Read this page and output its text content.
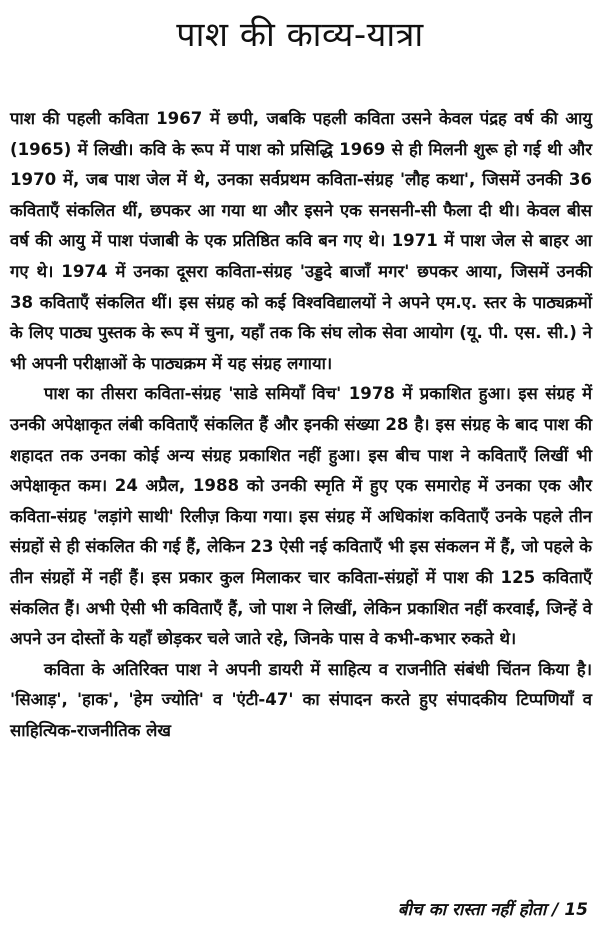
पाश की काव्य-यात्रा

पाश की पहली कविता 1967 में छपी, जबकि पहली कविता उसने केवल पंद्रह वर्ष की आयु (1965) में लिखी। कवि के रूप में पाश को प्रसिद्धि 1969 से ही मिलनी शुरू हो गई थी और 1970 में, जब पाश जेल में थे, उनका सर्वप्रथम कविता-संग्रह 'लौह कथा', जिसमें उनकी 36 कविताएँ संकलित थीं, छपकर आ गया था और इसने एक सनसनी-सी फैला दी थी। केवल बीस वर्ष की आयु में पाश पंजाबी के एक प्रतिष्ठित कवि बन गए थे। 1971 में पाश जेल से बाहर आ गए थे। 1974 में उनका दूसरा कविता-संग्रह 'उड्डदे बाजाँ मगर' छपकर आया, जिसमें उनकी 38 कविताएँ संकलित थीं। इस संग्रह को कई विश्वविद्यालयों ने अपने एम.ए. स्तर के पाठ्यक्रमों के लिए पाठ्य पुस्तक के रूप में चुना, यहाँ तक कि संघ लोक सेवा आयोग (यू. पी. एस. सी.) ने भी अपनी परीक्षाओं के पाठ्यक्रम में यह संग्रह लगाया।

पाश का तीसरा कविता-संग्रह 'साडे समियाँ विच' 1978 में प्रकाशित हुआ। इस संग्रह में उनकी अपेक्षाकृत लंबी कविताएँ संकलित हैं और इनकी संख्या 28 है। इस संग्रह के बाद पाश की शहादत तक उनका कोई अन्य संग्रह प्रकाशित नहीं हुआ। इस बीच पाश ने कविताएँ लिखीं भी अपेक्षाकृत कम। 24 अप्रैल, 1988 को उनकी स्मृति में हुए एक समारोह में उनका एक और कविता-संग्रह 'लड़ांगे साथी' रिलीज़ किया गया। इस संग्रह में अधिकांश कविताएँ उनके पहले तीन संग्रहों से ही संकलित की गई हैं, लेकिन 23 ऐसी नई कविताएँ भी इस संकलन में हैं, जो पहले के तीन संग्रहों में नहीं हैं। इस प्रकार कुल मिलाकर चार कविता-संग्रहों में पाश की 125 कविताएँ संकलित हैं। अभी ऐसी भी कविताएँ हैं, जो पाश ने लिखीं, लेकिन प्रकाशित नहीं करवाईं, जिन्हें वे अपने उन दोस्तों के यहाँ छोड़कर चले जाते रहे, जिनके पास वे कभी-कभार रुकते थे।

कविता के अतिरिक्त पाश ने अपनी डायरी में साहित्य व राजनीति संबंधी चिंतन किया है। 'सिआड़', 'हाक', 'हेम ज्योति' व 'एंटी-47' का संपादन करते हुए संपादकीय टिप्पणियाँ व साहित्यिक-राजनीतिक लेख

बीच का रास्ता नहीं होता / 15
